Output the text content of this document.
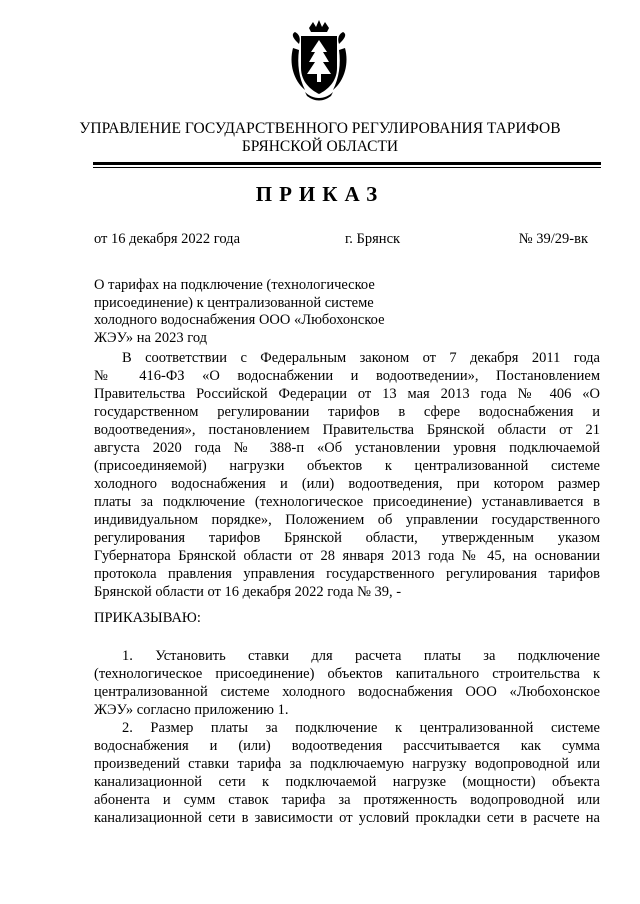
УПРАВЛЕНИЕ ГОСУДАРСТВЕННОГО РЕГУЛИРОВАНИЯ ТАРИФОВ
БРЯНСКОЙ ОБЛАСТИ
ПРИКАЗ
от 16 декабря 2022 года	г. Брянск	№ 39/29-вк
О тарифах на подключение (технологическое
присоединение) к централизованной системе
холодного водоснабжения ООО «Любохонское
ЖЭУ» на 2023 год
В соответствии с Федеральным законом от 7 декабря 2011 года
№ 416-ФЗ «О водоснабжении и водоотведении», Постановлением
Правительства Российской Федерации от 13 мая 2013 года № 406 «О
государственном регулировании тарифов в сфере водоснабжения и
водоотведения», постановлением Правительства Брянской области от 21
августа 2020 года № 388-п «Об установлении уровня подключаемой
(присоединяемой) нагрузки объектов к централизованной системе
холодного водоснабжения и (или) водоотведения, при котором размер
платы за подключение (технологическое присоединение) устанавливается в
индивидуальном порядке», Положением об управлении государственного
регулирования тарифов Брянской области, утвержденным указом
Губернатора Брянской области от 28 января 2013 года № 45, на основании
протокола правления управления государственного регулирования тарифов
Брянской области от 16 декабря 2022 года № 39, -
ПРИКАЗЫВАЮ:
1. Установить ставки для расчета платы за подключение
(технологическое присоединение) объектов капитального строительства к
централизованной системе холодного водоснабжения ООО «Любохонское
ЖЭУ» согласно приложению 1.
2. Размер платы за подключение к централизованной системе
водоснабжения и (или) водоотведения рассчитывается как сумма
произведений ставки тарифа за подключаемую нагрузку водопроводной или
канализационной сети к подключаемой нагрузке (мощности) объекта
абонента и сумм ставок тарифа за протяженность водопроводной или
канализационной сети в зависимости от условий прокладки сети в расчете на
